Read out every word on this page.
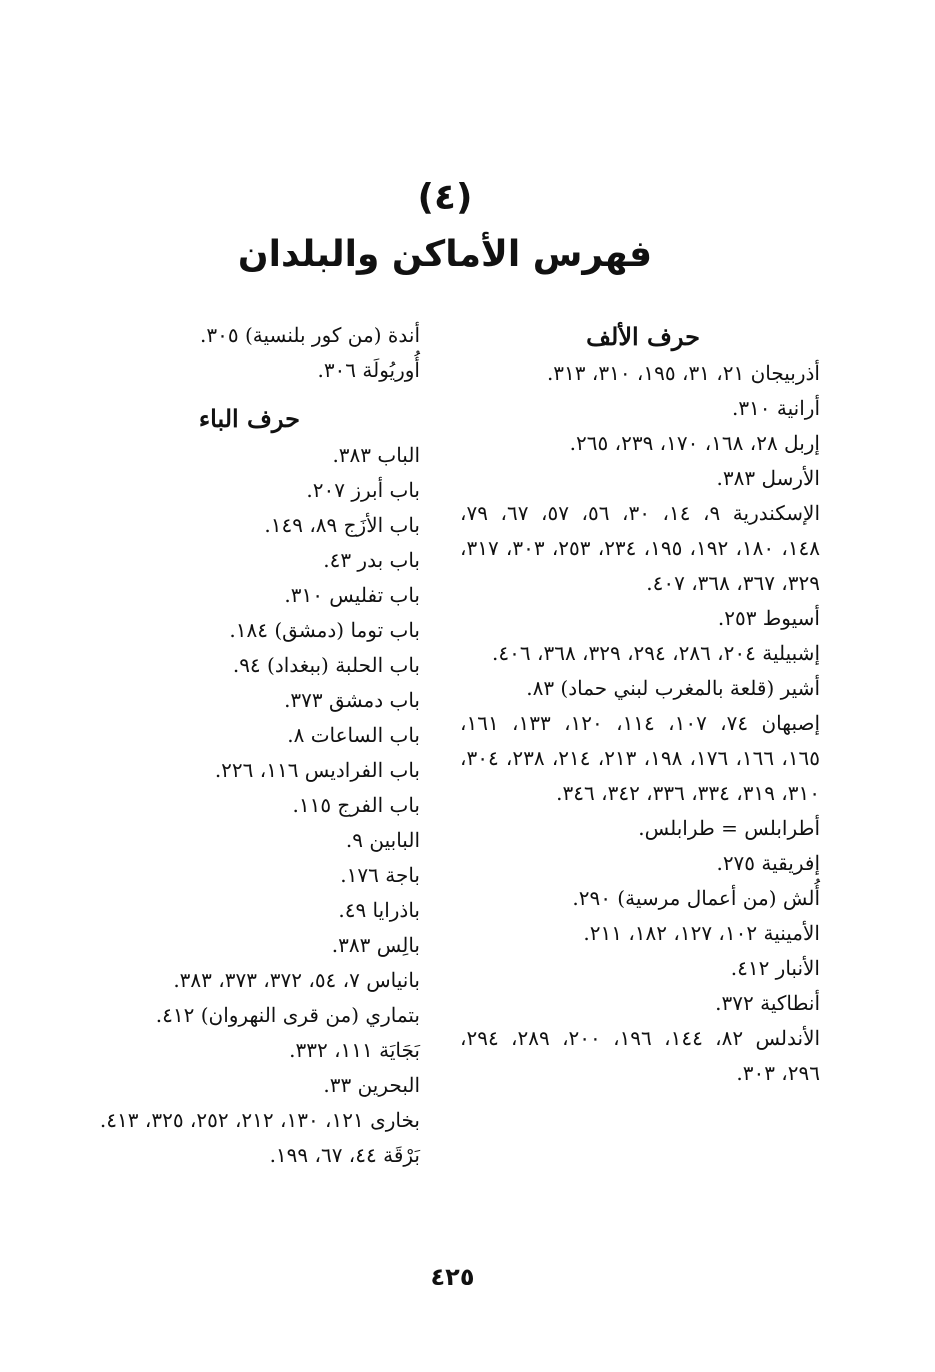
(٤)
فهرس الأماكن والبلدان

حرف الألف

أذربيجان ٢١، ٣١، ١٩٥، ٣١٠، ٣١٣.

أرانية ٣١٠.

إربل ٢٨، ١٦٨، ١٧٠، ٢٣٩، ٢٦٥.

الأرسل ٣٨٣.

الإسكندرية ٩، ١٤، ٣٠، ٥٦، ٥٧، ٦٧، ٧٩، ١٤٨، ١٨٠، ١٩٢، ١٩٥، ٢٣٤، ٢٥٣، ٣٠٣، ٣١٧، ٣٢٩، ٣٦٧، ٣٦٨، ٤٠٧.

أسيوط ٢٥٣.

إشبيلية ٢٠٤، ٢٨٦، ٢٩٤، ٣٢٩، ٣٦٨، ٤٠٦.

أشير (قلعة بالمغرب لبني حماد) ٨٣.

إصبهان ٧٤، ١٠٧، ١١٤، ١٢٠، ١٣٣، ١٦١، ١٦٥، ١٦٦، ١٧٦، ١٩٨، ٢١٣، ٢١٤، ٢٣٨، ٣٠٤، ٣١٠، ٣١٩، ٣٣٤، ٣٣٦، ٣٤٢، ٣٤٦.

أطرابلس = طرابلس.

إفريقية ٢٧٥.

أُلش (من أعمال مرسية) ٢٩٠.

الأمينية ١٠٢، ١٢٧، ١٨٢، ٢١١.

الأنبار ٤١٢.

أنطاكية ٣٧٢.

الأندلس ٨٢، ١٤٤، ١٩٦، ٢٠٠، ٢٨٩، ٢٩٤، ٢٩٦، ٣٠٣.

أندة (من كور بلنسية) ٣٠٥.

أُوريُولَة ٣٠٦.

حرف الباء

الباب ٣٨٣.

باب أبرز ٢٠٧.

باب الأزَج ٨٩، ١٤٩.

باب بدر ٤٣.

باب تفليس ٣١٠.

باب توما (دمشق) ١٨٤.

باب الحلبة (ببغداد) ٩٤.

باب دمشق ٣٧٣.

باب الساعات ٨.

باب الفراديس ١١٦، ٢٢٦.

باب الفرج ١١٥.

البابين ٩.

باجة ١٧٦.

باذرايا ٤٩.

بالِس ٣٨٣.

بانياس ٧، ٥٤، ٣٧٢، ٣٧٣، ٣٨٣.

بتماري (من قرى النهروان) ٤١٢.

بَجَايَة ١١١، ٣٣٢.

البحرين ٣٣.

بخارى ١٢١، ١٣٠، ٢١٢، ٢٥٢، ٣٢٥، ٤١٣.

بَرْقَة ٤٤، ٦٧، ١٩٩.

٤٢٥
